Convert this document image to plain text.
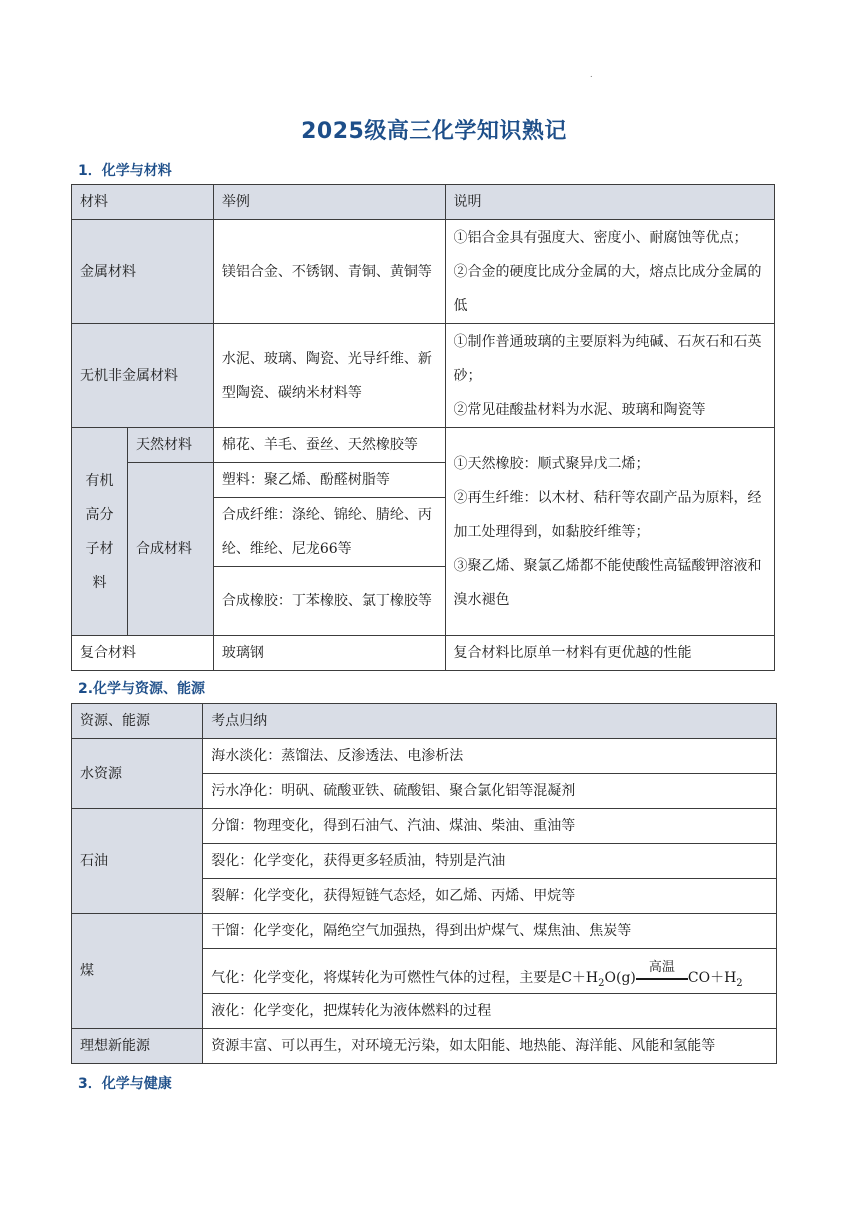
.
2025级高三化学知识熟记
1．化学与材料
材料		举例	说明
金属材料		镁铝合金、不锈钢、青铜、黄铜等	①铝合金具有强度大、密度小、耐腐蚀等优点；
②合金的硬度比成分金属的大，熔点比成分金属的低

无机非金属材料		水泥、玻璃、陶瓷、光导纤维、新型陶瓷、碳纳米材料等	①制作普通玻璃的主要原料为纯碱、石灰石和石英砂；
②常见硅酸盐材料为水泥、玻璃和陶瓷等

有机高分子材料	天然材料	棉花、羊毛、蚕丝、天然橡胶等	①天然橡胶：顺式聚异戊二烯；
②再生纤维：以木材、秸秆等农副产品为原料，经加工处理得到，如黏胶纤维等；
③聚乙烯、聚氯乙烯都不能使酸性高锰酸钾溶液和溴水褪色

	合成材料	塑料：聚乙烯、酚醛树脂等	
		合成纤维：涤纶、锦纶、腈纶、丙纶、维纶、尼龙66等	
		合成橡胶：丁苯橡胶、氯丁橡胶等	
复合材料		玻璃钢	复合材料比原单一材料有更优越的性能
2.化学与资源、能源
资源、能源	考点归纳
水资源	海水淡化：蒸馏法、反渗透法、电渗析法
	污水净化：明矾、硫酸亚铁、硫酸铝、聚合氯化铝等混凝剂
石油	分馏：物理变化，得到石油气、汽油、煤油、柴油、重油等
	裂化：化学变化，获得更多轻质油，特别是汽油
	裂解：化学变化，获得短链气态烃，如乙烯、丙烯、甲烷等
煤	干馏：化学变化，隔绝空气加强热，得到出炉煤气、煤焦油、焦炭等
	气化：化学变化，将煤转化为可燃性气体的过程，主要是$C+H_2O(g)$
高温
$CO+H_2$
	液化：化学变化，把煤转化为液体燃料的过程
理想新能源	资源丰富、可以再生，对环境无污染，如太阳能、地热能、海洋能、风能和氢能等
3．化学与健康
